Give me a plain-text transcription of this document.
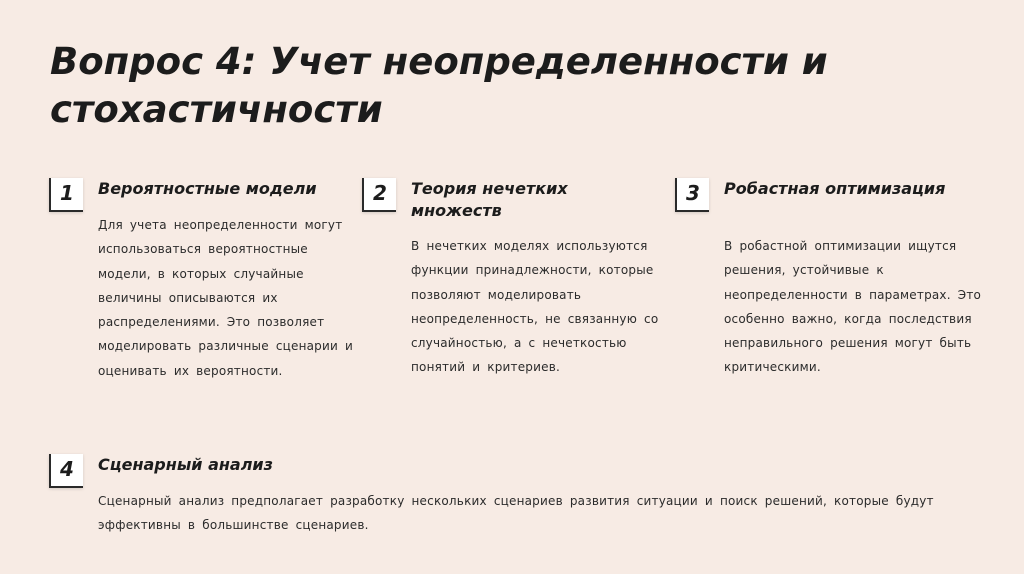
Вопрос 4: Учет неопределенности и стохастичности
1	Вероятностные модели

Для учета неопределенности могут использоваться вероятностные модели, в которых случайные величины описываются их распределениями. Это позволяет моделировать различные сценарии и оценивать их вероятности.

2	Теория нечетких множеств

В нечетких моделях используются функции принадлежности, которые позволяют моделировать неопределенность, не связанную со случайностью, а с нечеткостью понятий и критериев.

3	Робастная оптимизация

В робастной оптимизации ищутся решения, устойчивые к неопределенности в параметрах. Это особенно важно, когда последствия неправильного решения могут быть критическими.

4	Сценарный анализ

Сценарный анализ предполагает разработку нескольких сценариев развития ситуации и поиск решений, которые будут эффективны в большинстве сценариев.
